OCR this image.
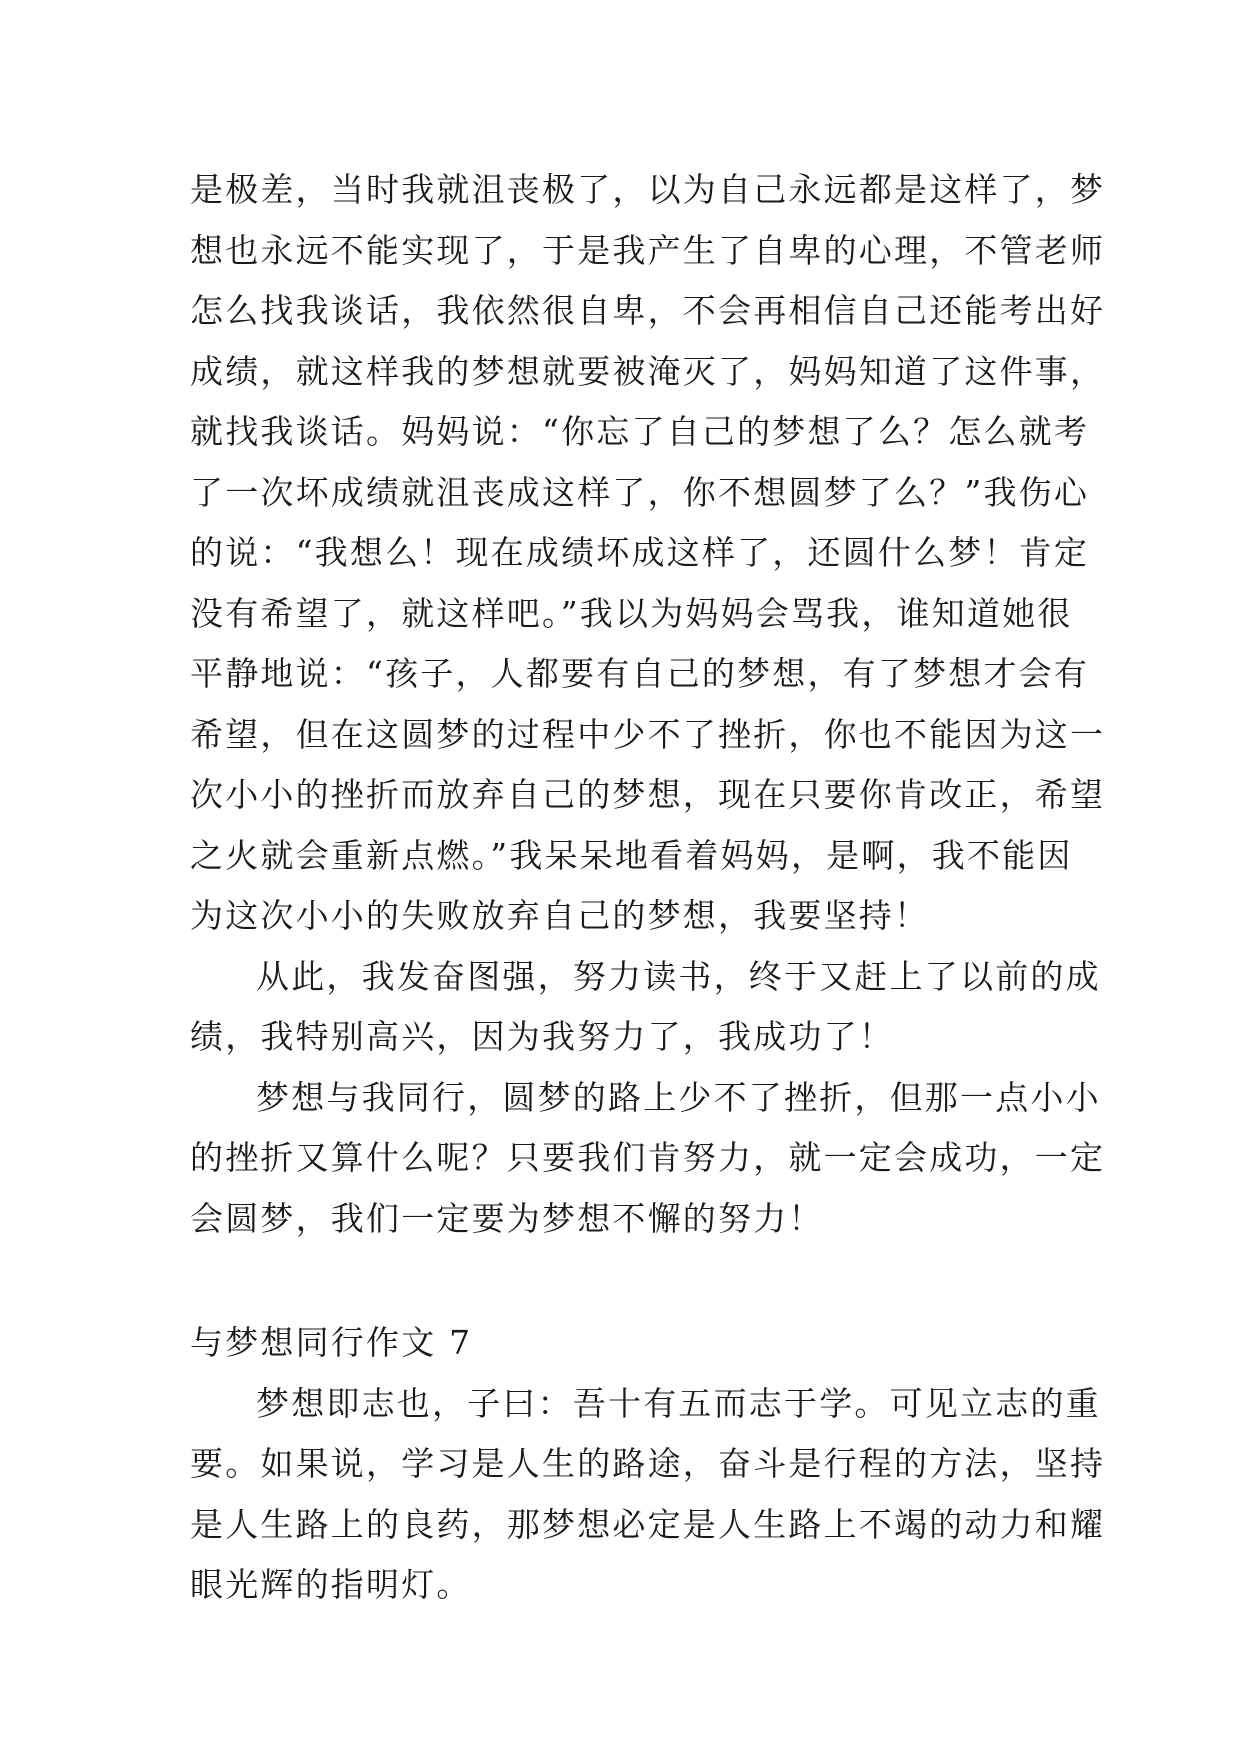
是极差，当时我就沮丧极了，以为自己永远都是这样了，梦
想也永远不能实现了，于是我产生了自卑的心理，不管老师
怎么找我谈话，我依然很自卑，不会再相信自己还能考出好
成绩，就这样我的梦想就要被淹灭了，妈妈知道了这件事，
就找我谈话。妈妈说：“你忘了自己的梦想了么？怎么就考
了一次坏成绩就沮丧成这样了，你不想圆梦了么？”我伤心
的说：“我想么！现在成绩坏成这样了，还圆什么梦！肯定
没有希望了，就这样吧。”我以为妈妈会骂我，谁知道她很
平静地说：“孩子，人都要有自己的梦想，有了梦想才会有
希望，但在这圆梦的过程中少不了挫折，你也不能因为这一
次小小的挫折而放弃自己的梦想，现在只要你肯改正，希望
之火就会重新点燃。”我呆呆地看着妈妈，是啊，我不能因
为这次小小的失败放弃自己的梦想，我要坚持！
从此，我发奋图强，努力读书，终于又赶上了以前的成
绩，我特别高兴，因为我努力了，我成功了！
梦想与我同行，圆梦的路上少不了挫折，但那一点小小
的挫折又算什么呢？只要我们肯努力，就一定会成功，一定
会圆梦，我们一定要为梦想不懈的努力！
与梦想同行作文 7
梦想即志也，子曰：吾十有五而志于学。可见立志的重
要。如果说，学习是人生的路途，奋斗是行程的方法，坚持
是人生路上的良药，那梦想必定是人生路上不竭的动力和耀
眼光辉的指明灯。
